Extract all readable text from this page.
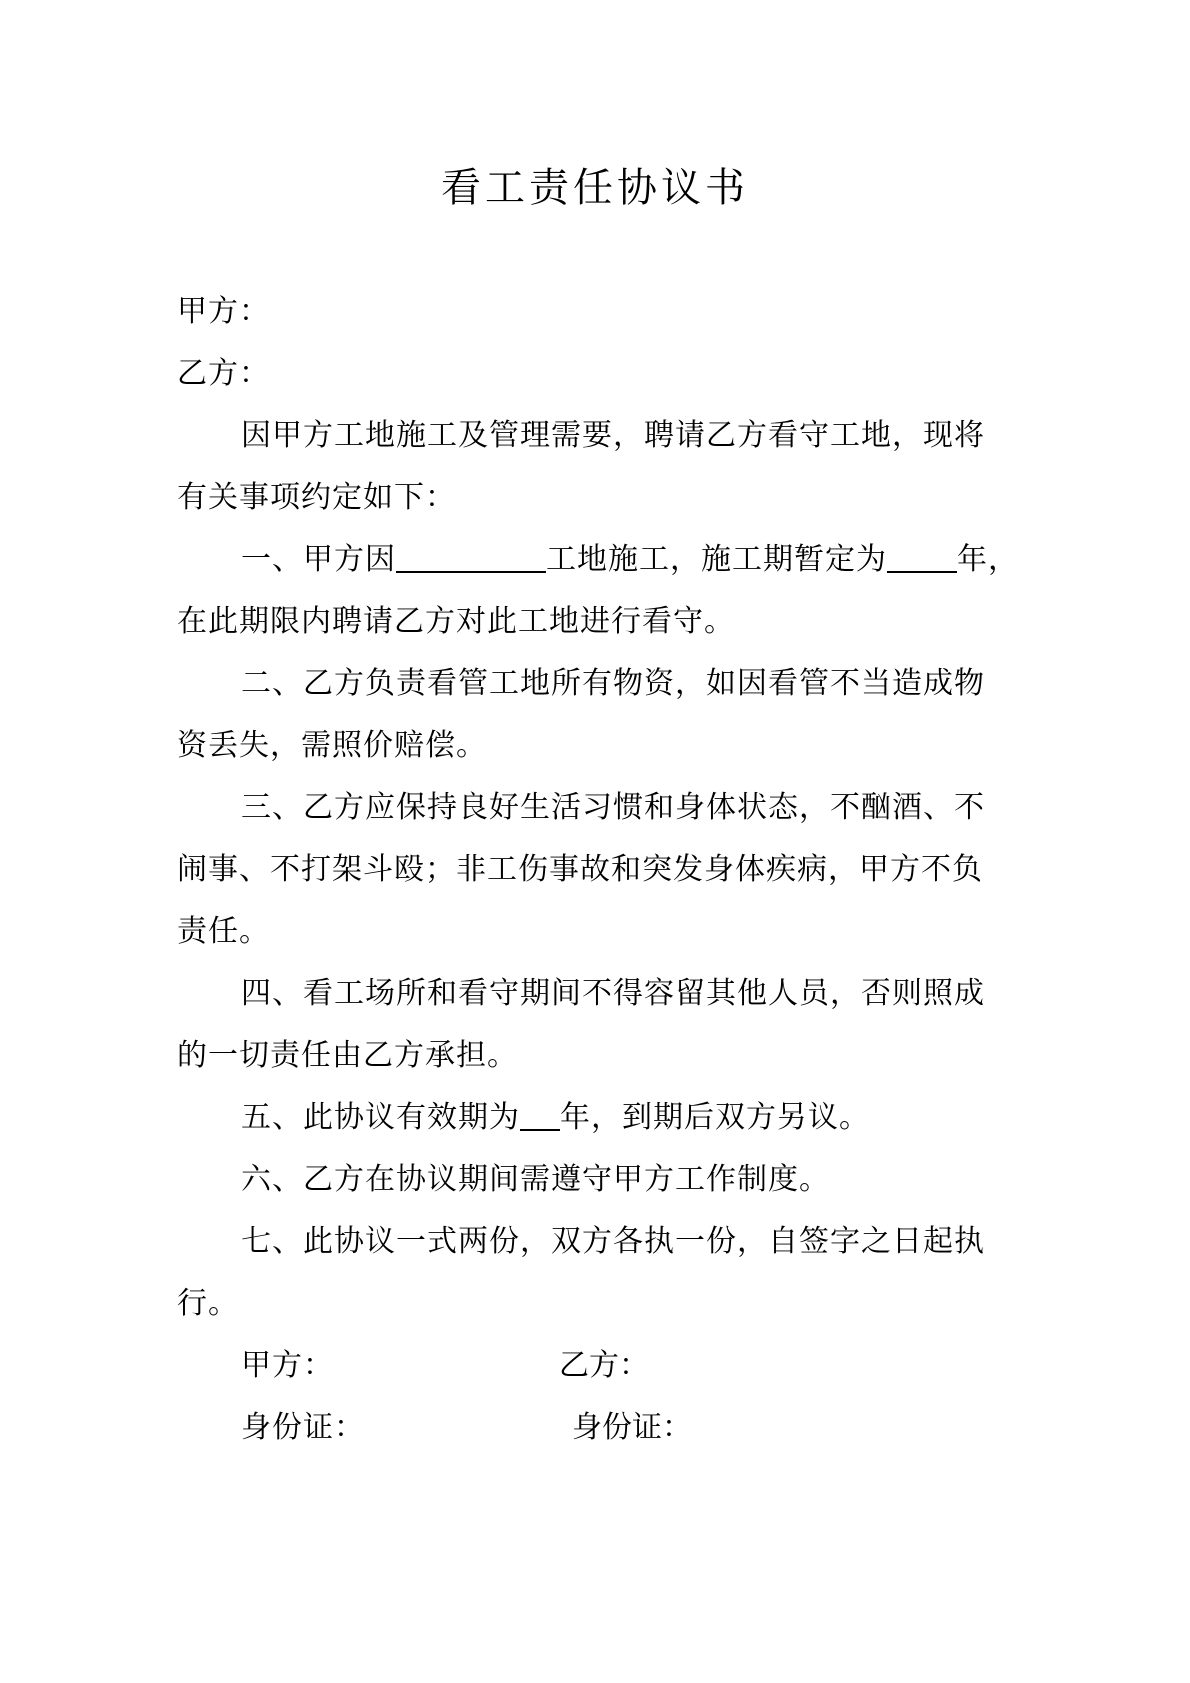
看工责任协议书
甲方：
乙方：
因甲方工地施工及管理需要，聘请乙方看守工地，现将
有关事项约定如下：
一、甲方因	工地施工，施工期暂定为 年，
在此期限内聘请乙方对此工地进行看守。
二、乙方负责看管工地所有物资，如因看管不当造成物
资丢失，需照价赔偿。
三、乙方应保持良好生活习惯和身体状态，不酗酒、不
闹事、不打架斗殴；非工伤事故和突发身体疾病，甲方不负
责任。
四、看工场所和看守期间不得容留其他人员，否则照成
的一切责任由乙方承担。
五、此协议有效期为 年，到期后双方另议。
六、乙方在协议期间需遵守甲方工作制度。
七、此协议一式两份，双方各执一份，自签字之日起执
行。
甲方：	乙方：
身份证：	身份证：
